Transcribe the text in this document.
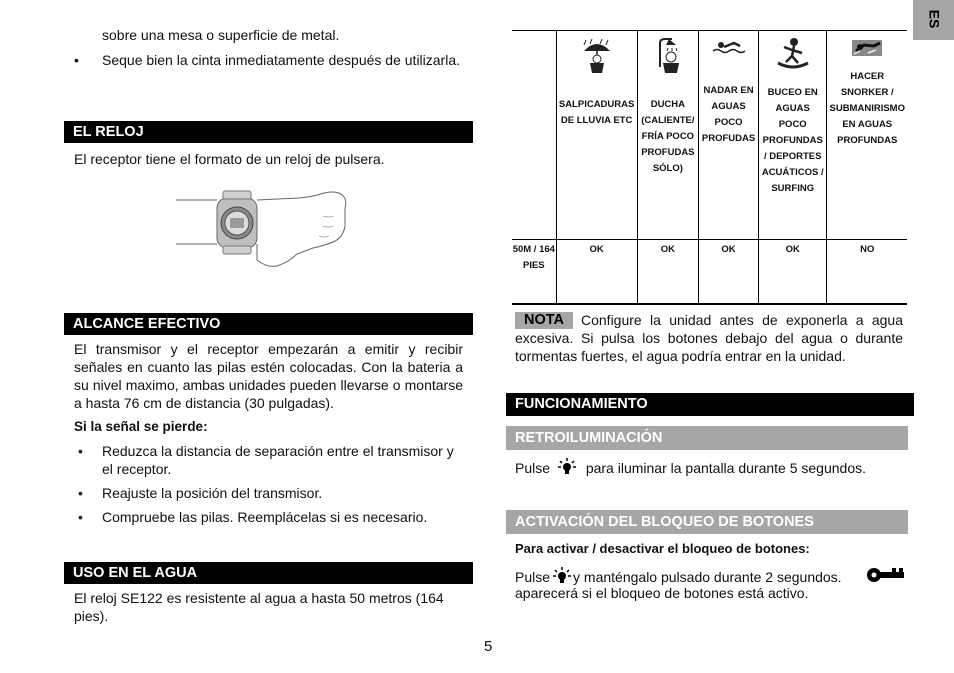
ES
sobre una mesa o superficie de metal.
• Seque bien la cinta inmediatamente después de utilizarla.
EL RELOJ
El receptor tiene el formato de un reloj de pulsera.
ALCANCE EFECTIVO
El transmisor y el receptor empezarán a emitir y recibir señales en cuanto las pilas estén colocadas. Con la bateria a su nivel maximo, ambas unidades pueden llevarse o montarse a hasta 76 cm de distancia (30 pulgadas).
Si la señal se pierde:
• Reduzca la distancia de separación entre el transmisor y el receptor.
• Reajuste la posición del transmisor.
• Compruebe las pilas. Reemplácelas si es necesario.
USO EN EL AGUA
El reloj SE122 es resistente al agua a hasta 50 metros (164 pies).
5

	SALPICADURAS DE LLUVIA ETC	DUCHA (CALIENTE/ FRÍA POCO PROFUDAS SÓLO)	NADAR EN AGUAS POCO PROFUDAS	BUCEO EN AGUAS POCO PROFUNDAS / DEPORTES ACUÁTICOS / SURFING	HACER SNORKER / SUBMANIRISMO EN AGUAS PROFUNDAS

50M / 164 PIES	OK	OK	OK	OK	NO
NOTA	Configure la unidad antes de exponerla a agua excesiva. Si pulsa los botones debajo del agua o durante tormentas fuertes, el agua podría entrar en la unidad.
FUNCIONAMIENTO
RETROILUMINACIÓN
Pulse	para iluminar la pantalla durante 5 segundos.
ACTIVACIÓN DEL BLOQUEO DE BOTONES
Para activar / desactivar el bloqueo de botones:
Pulse y manténgalo pulsado durante 2 segundos.
aparecerá si el bloqueo de botones está activo.
